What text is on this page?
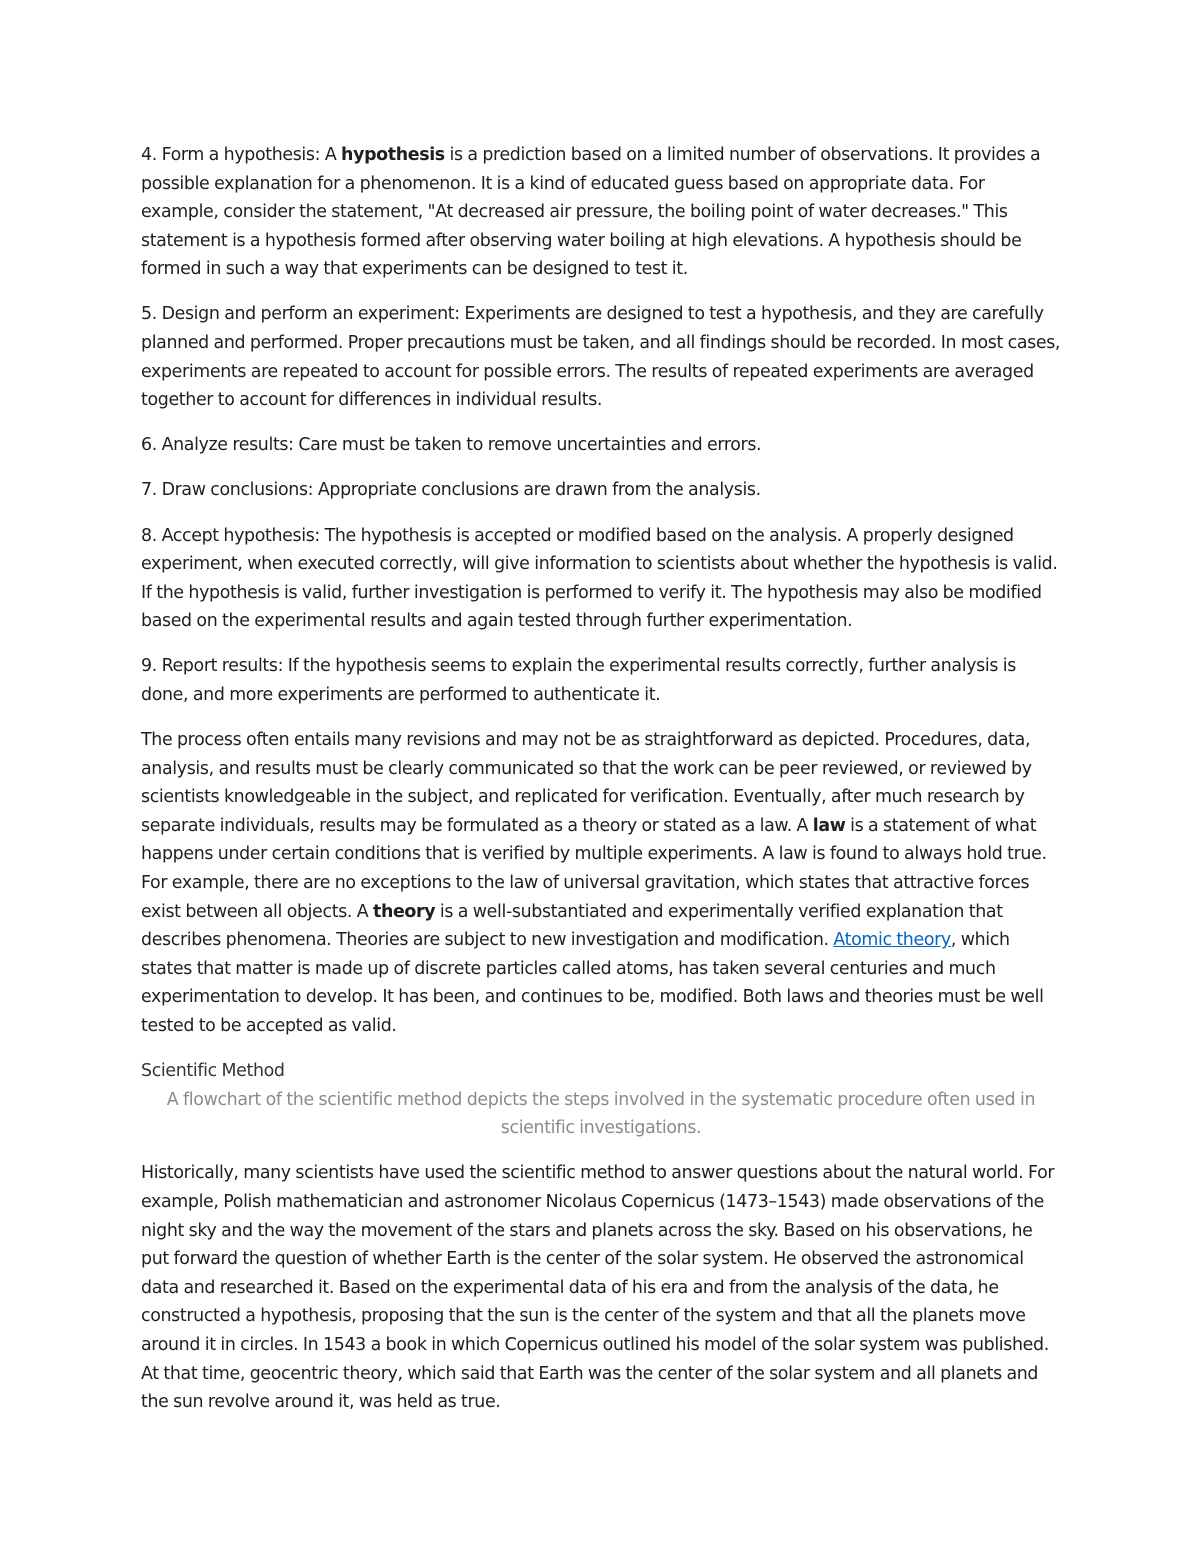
4. Form a hypothesis: A hypothesis is a prediction based on a limited number of observations. It provides a possible explanation for a phenomenon. It is a kind of educated guess based on appropriate data. For example, consider the statement, "At decreased air pressure, the boiling point of water decreases." This statement is a hypothesis formed after observing water boiling at high elevations. A hypothesis should be formed in such a way that experiments can be designed to test it.

5. Design and perform an experiment: Experiments are designed to test a hypothesis, and they are carefully planned and performed. Proper precautions must be taken, and all findings should be recorded. In most cases, experiments are repeated to account for possible errors. The results of repeated experiments are averaged together to account for differences in individual results.

6. Analyze results: Care must be taken to remove uncertainties and errors.

7. Draw conclusions: Appropriate conclusions are drawn from the analysis.

8. Accept hypothesis: The hypothesis is accepted or modified based on the analysis. A properly designed experiment, when executed correctly, will give information to scientists about whether the hypothesis is valid. If the hypothesis is valid, further investigation is performed to verify it. The hypothesis may also be modified based on the experimental results and again tested through further experimentation.

9. Report results: If the hypothesis seems to explain the experimental results correctly, further analysis is done, and more experiments are performed to authenticate it.

The process often entails many revisions and may not be as straightforward as depicted. Procedures, data, analysis, and results must be clearly communicated so that the work can be peer reviewed, or reviewed by scientists knowledgeable in the subject, and replicated for verification. Eventually, after much research by separate individuals, results may be formulated as a theory or stated as a law. A law is a statement of what happens under certain conditions that is verified by multiple experiments. A law is found to always hold true. For example, there are no exceptions to the law of universal gravitation, which states that attractive forces exist between all objects. A theory is a well-substantiated and experimentally verified explanation that describes phenomena. Theories are subject to new investigation and modification. Atomic theory, which states that matter is made up of discrete particles called atoms, has taken several centuries and much experimentation to develop. It has been, and continues to be, modified. Both laws and theories must be well tested to be accepted as valid.

Scientific Method
A flowchart of the scientific method depicts the steps involved in the systematic procedure often used in scientific investigations.

Historically, many scientists have used the scientific method to answer questions about the natural world. For example, Polish mathematician and astronomer Nicolaus Copernicus (1473–1543) made observations of the night sky and the way the movement of the stars and planets across the sky. Based on his observations, he put forward the question of whether Earth is the center of the solar system. He observed the astronomical data and researched it. Based on the experimental data of his era and from the analysis of the data, he constructed a hypothesis, proposing that the sun is the center of the system and that all the planets move around it in circles. In 1543 a book in which Copernicus outlined his model of the solar system was published. At that time, geocentric theory, which said that Earth was the center of the solar system and all planets and the sun revolve around it, was held as true.
